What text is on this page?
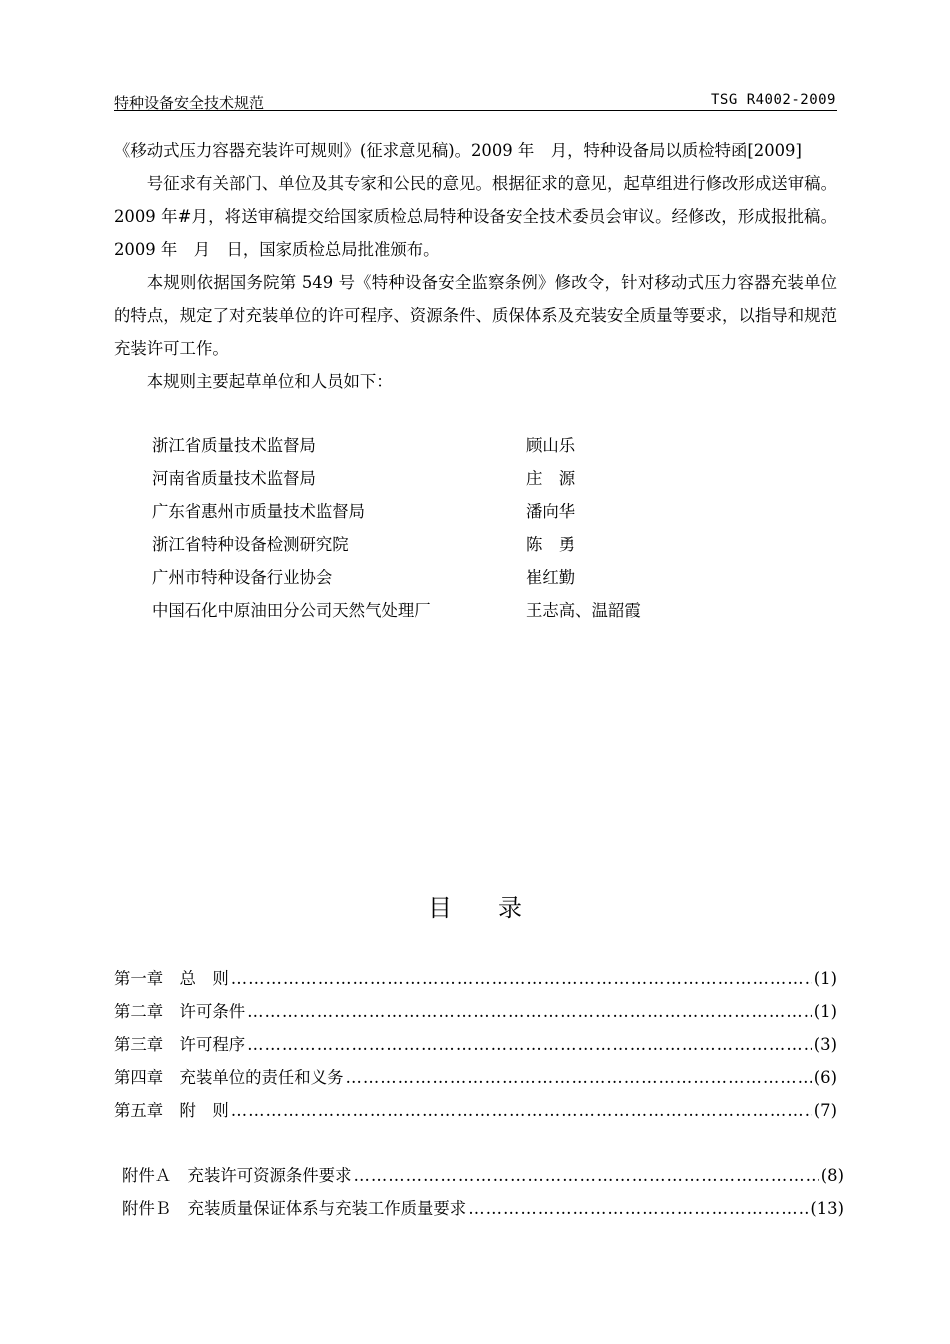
特种设备安全技术规范	TSG R4002-2009

《移动式压力容器充装许可规则》(征求意见稿)。2009 年　月，特种设备局以质检特函[2009]

号征求有关部门、单位及其专家和公民的意见。根据征求的意见，起草组进行修改形成送审稿。2009 年#月，将送审稿提交给国家质检总局特种设备安全技术委员会审议。经修改，形成报批稿。2009 年　月　日，国家质检总局批准颁布。

本规则依据国务院第 549 号《特种设备安全监察条例》修改令，针对移动式压力容器充装单位的特点，规定了对充装单位的许可程序、资源条件、质保体系及充装安全质量等要求，以指导和规范充装许可工作。

本规则主要起草单位和人员如下：

浙江省质量技术监督局	顾山乐
河南省质量技术监督局	庄　源
广东省惠州市质量技术监督局	潘向华
浙江省特种设备检测研究院	陈　勇
广州市特种设备行业协会	崔红勤
中国石化中原油田分公司天然气处理厂	王志高、温韶霞
目录
第一章　总　则 ……………………………………………………………………………………………………………………………………………………………………………………	(1)
第二章　许可条件 ……………………………………………………………………………………………………………………………………………………………………………………	(1)
第三章　许可程序 ……………………………………………………………………………………………………………………………………………………………………………………	(3)
第四章　充装单位的责任和义务 ……………………………………………………………………………………………………………………………………………………………………………………	(6)
第五章　附　则 ……………………………………………………………………………………………………………………………………………………………………………………	(7)
附件Ａ　充装许可资源条件要求 ……………………………………………………………………………………………………………………………………………………………………………………	(8)
附件Ｂ　充装质量保证体系与充装工作质量要求 ……………………………………………………………………………………………………………………………………………………………………………………	(13)
